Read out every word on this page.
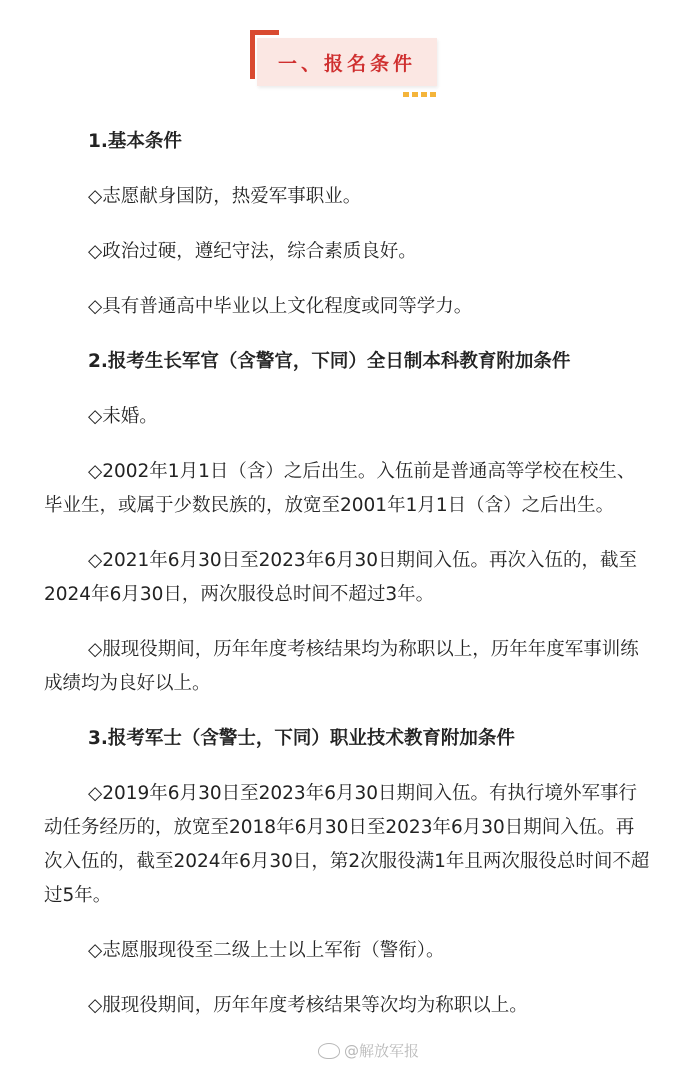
一、报名条件
1.基本条件
◇志愿献身国防，热爱军事职业。
◇政治过硬，遵纪守法，综合素质良好。
◇具有普通高中毕业以上文化程度或同等学力。
2.报考生长军官（含警官，下同）全日制本科教育附加条件
◇未婚。
◇2002年1月1日（含）之后出生。入伍前是普通高等学校在校生、毕业生，或属于少数民族的，放宽至2001年1月1日（含）之后出生。
◇2021年6月30日至2023年6月30日期间入伍。再次入伍的，截至2024年6月30日，两次服役总时间不超过3年。
◇服现役期间，历年年度考核结果均为称职以上，历年年度军事训练成绩均为良好以上。
3.报考军士（含警士，下同）职业技术教育附加条件
◇2019年6月30日至2023年6月30日期间入伍。有执行境外军事行动任务经历的，放宽至2018年6月30日至2023年6月30日期间入伍。再次入伍的，截至2024年6月30日，第2次服役满1年且两次服役总时间不超过5年。
◇志愿服现役至二级上士以上军衔（警衔）。
◇服现役期间，历年年度考核结果等次均为称职以上。
@解放军报
